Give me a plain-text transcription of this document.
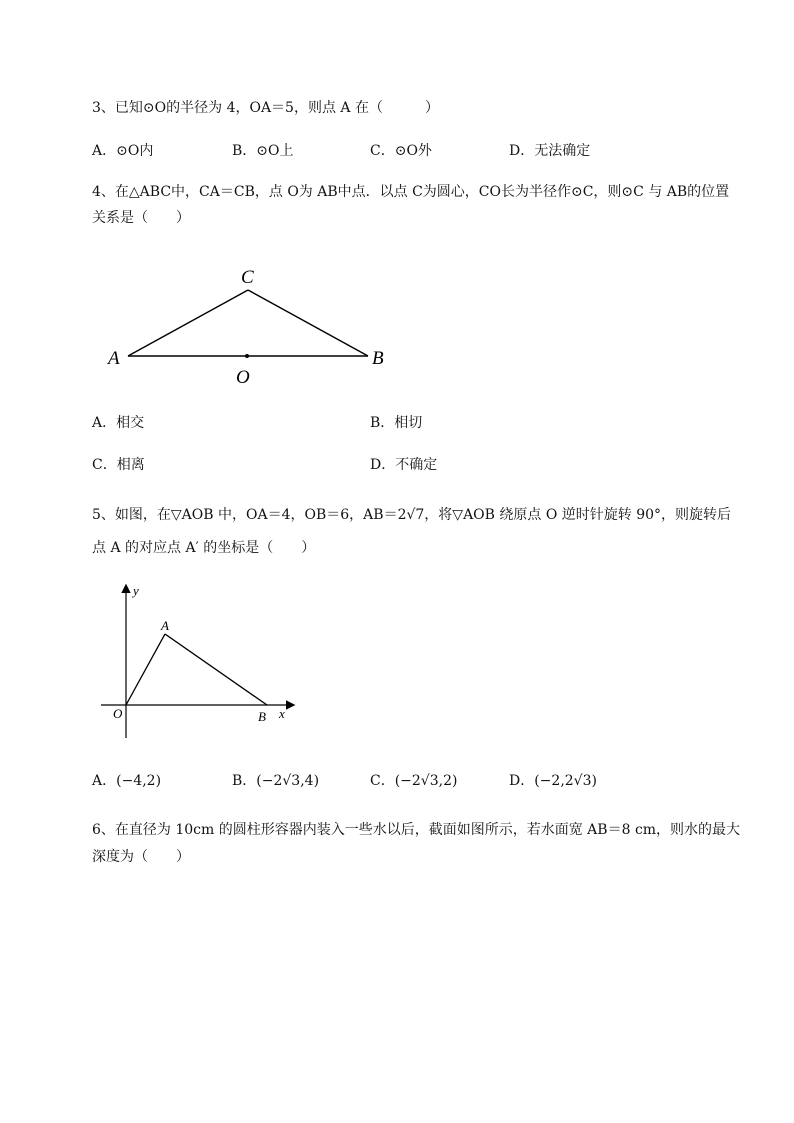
3、已知⊙O的半径为 4，OA＝5，则点 A 在（　　　）
A．⊙O内	B．⊙O上	C．⊙O外	D．无法确定
4、在△ABC中，CA＝CB，点 O为 AB中点．以点 C为圆心，CO长为半径作⊙C，则⊙C 与 AB的位置
关系是（　　）
A	B
C
O
A．相交	B．相切
C．相离	D．不确定
5、如图，在▽AOB 中，OA＝4，OB＝6，AB＝2√7，将▽AOB 绕原点 O 逆时针旋转 90°，则旋转后
点 A 的对应点 A′ 的坐标是（　　）
y
x
A
O	B
A．(−4,2)	B．(−2√3,4)	C．(−2√3,2)	D．(−2,2√3)
6、在直径为 10cm 的圆柱形容器内装入一些水以后，截面如图所示，若水面宽 AB＝8 cm，则水的最大
深度为（　　）
